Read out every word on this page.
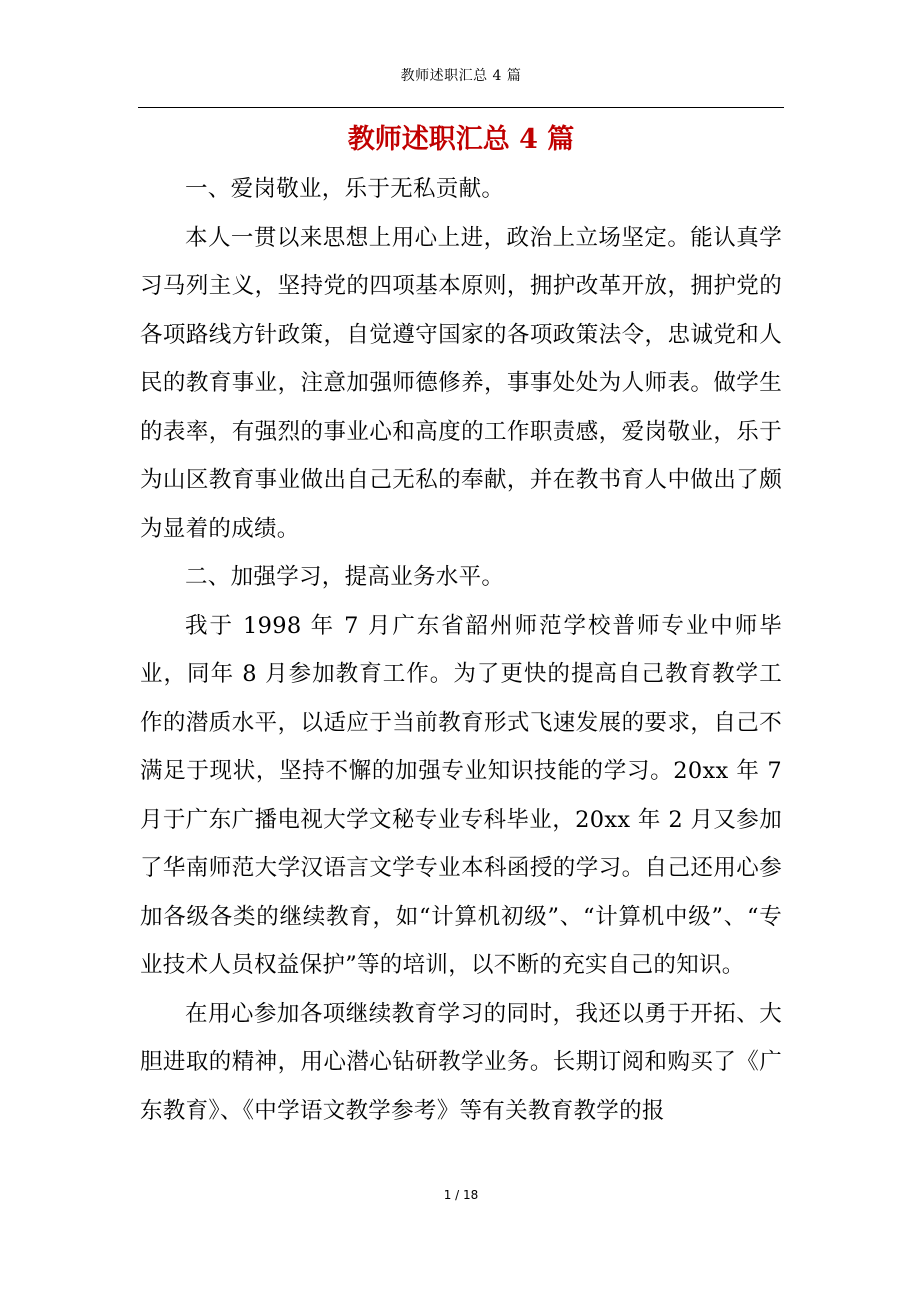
教师述职汇总 4 篇
教师述职汇总 4 篇

一、爱岗敬业，乐于无私贡献。

本人一贯以来思想上用心上进，政治上立场坚定。能认真学习马列主义，坚持党的四项基本原则，拥护改革开放，拥护党的各项路线方针政策，自觉遵守国家的各项政策法令，忠诚党和人民的教育事业，注意加强师德修养，事事处处为人师表。做学生的表率，有强烈的事业心和高度的工作职责感，爱岗敬业，乐于为山区教育事业做出自己无私的奉献，并在教书育人中做出了颇为显着的成绩。

二、加强学习，提高业务水平。

我于 1998 年 7 月广东省韶州师范学校普师专业中师毕业，同年 8 月参加教育工作。为了更快的提高自己教育教学工作的潜质水平，以适应于当前教育形式飞速发展的要求，自己不满足于现状，坚持不懈的加强专业知识技能的学习。20xx 年 7 月于广东广播电视大学文秘专业专科毕业，20xx 年 2 月又参加了华南师范大学汉语言文学专业本科函授的学习。自己还用心参加各级各类的继续教育，如“计算机初级”、“计算机中级”、“专业技术人员权益保护”等的培训，以不断的充实自己的知识。

在用心参加各项继续教育学习的同时，我还以勇于开拓、大胆进取的精神，用心潜心钻研教学业务。长期订阅和购买了《广东教育》、《中学语文教学参考》等有关教育教学的报

1 / 18
